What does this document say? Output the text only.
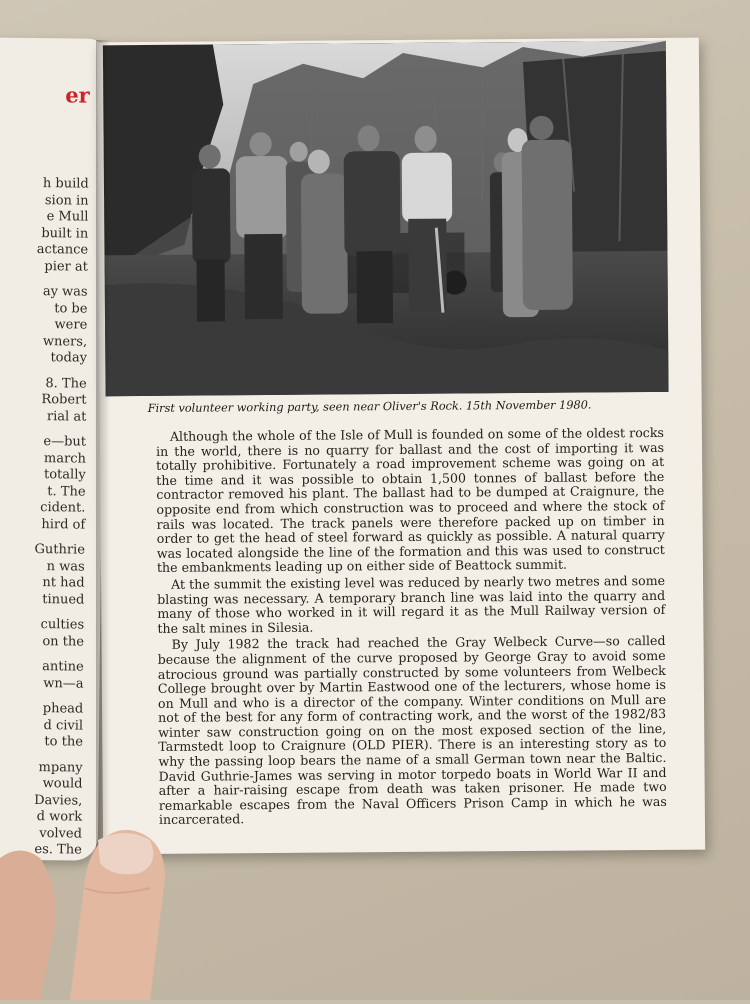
er
h build
sion in
e Mull
built in
actance
pier at
ay was
to be
were
wners,
today
8. The
Robert
rial at
e—but
march
totally
t. The
cident.
hird of
Guthrie
n was
nt had
tinued
culties
on the
antine
wn—a
phead
d civil
to the
mpany
would
Davies,
d work
volved
es. The
First volunteer working party, seen near Oliver's Rock. 15th November 1980.

Although the whole of the Isle of Mull is founded on some of the oldest rocks in the world, there is no quarry for ballast and the cost of importing it was totally prohibitive. Fortunately a road improvement scheme was going on at the time and it was possible to obtain 1,500 tonnes of ballast before the contractor removed his plant. The ballast had to be dumped at Craignure, the opposite end from which construction was to proceed and where the stock of rails was located. The track panels were therefore packed up on timber in order to get the head of steel forward as quickly as possible. A natural quarry was located alongside the line of the formation and this was used to construct the embankments leading up on either side of Beattock summit.

At the summit the existing level was reduced by nearly two metres and some blasting was necessary. A temporary branch line was laid into the quarry and many of those who worked in it will regard it as the Mull Railway version of the salt mines in Silesia.

By July 1982 the track had reached the Gray Welbeck Curve—so called because the alignment of the curve proposed by George Gray to avoid some atrocious ground was partially constructed by some volunteers from Welbeck College brought over by Martin Eastwood one of the lecturers, whose home is on Mull and who is a director of the company. Winter conditions on Mull are not of the best for any form of contracting work, and the worst of the 1982/83 winter saw construction going on on the most exposed section of the line, Tarmstedt loop to Craignure (OLD PIER). There is an interesting story as to why the passing loop bears the name of a small German town near the Baltic. David Guthrie-James was serving in motor torpedo boats in World War II and after a hair-raising escape from death was taken prisoner. He made two remarkable escapes from the Naval Officers Prison Camp in which he was incarcerated.
